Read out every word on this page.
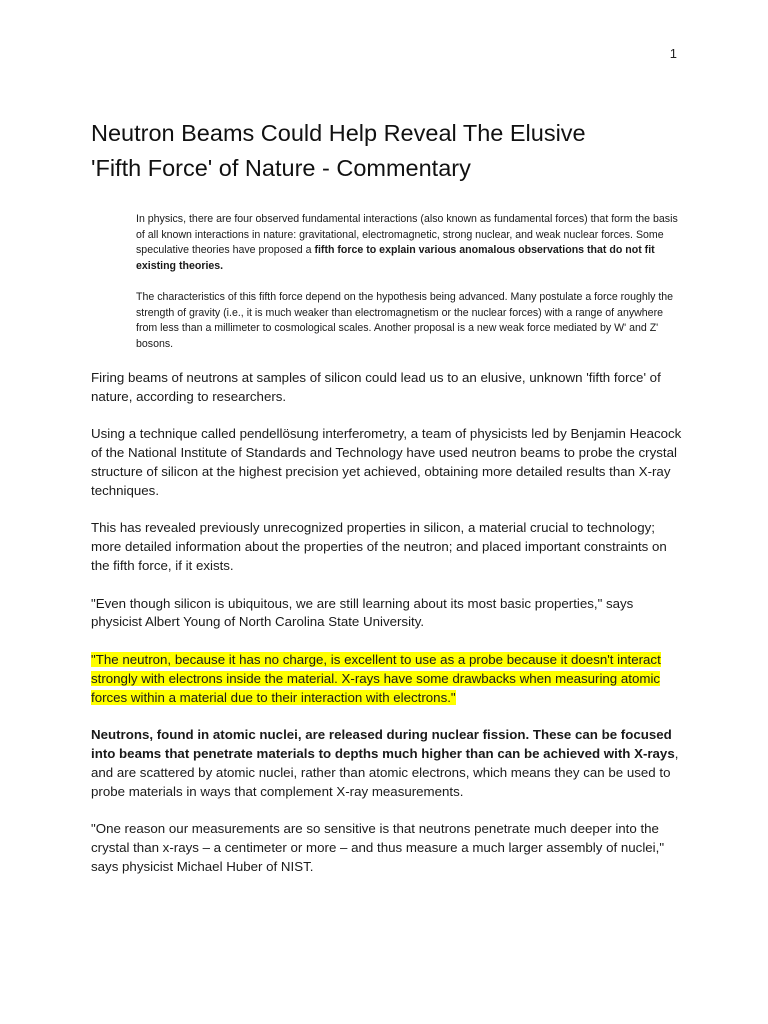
1
Neutron Beams Could Help Reveal The Elusive
'Fifth Force' of Nature - Commentary

In physics, there are four observed fundamental interactions (also known as fundamental forces) that form the basis of all known interactions in nature: gravitational, electromagnetic, strong nuclear, and weak nuclear forces. Some speculative theories have proposed a fifth force to explain various anomalous observations that do not fit existing theories.

The characteristics of this fifth force depend on the hypothesis being advanced. Many postulate a force roughly the strength of gravity (i.e., it is much weaker than electromagnetism or the nuclear forces) with a range of anywhere from less than a millimeter to cosmological scales. Another proposal is a new weak force mediated by W' and Z' bosons.

Firing beams of neutrons at samples of silicon could lead us to an elusive, unknown 'fifth force' of nature, according to researchers.

Using a technique called pendellösung interferometry, a team of physicists led by Benjamin Heacock of the National Institute of Standards and Technology have used neutron beams to probe the crystal structure of silicon at the highest precision yet achieved, obtaining more detailed results than X-ray techniques.

This has revealed previously unrecognized properties in silicon, a material crucial to technology; more detailed information about the properties of the neutron; and placed important constraints on the fifth force, if it exists.

"Even though silicon is ubiquitous, we are still learning about its most basic properties," says physicist Albert Young of North Carolina State University.

"The neutron, because it has no charge, is excellent to use as a probe because it doesn't interact strongly with electrons inside the material. X-rays have some drawbacks when measuring atomic forces within a material due to their interaction with electrons."

Neutrons, found in atomic nuclei, are released during nuclear fission. These can be focused into beams that penetrate materials to depths much higher than can be achieved with X-rays, and are scattered by atomic nuclei, rather than atomic electrons, which means they can be used to probe materials in ways that complement X-ray measurements.

"One reason our measurements are so sensitive is that neutrons penetrate much deeper into the crystal than x-rays – a centimeter or more – and thus measure a much larger assembly of nuclei," says physicist Michael Huber of NIST.
